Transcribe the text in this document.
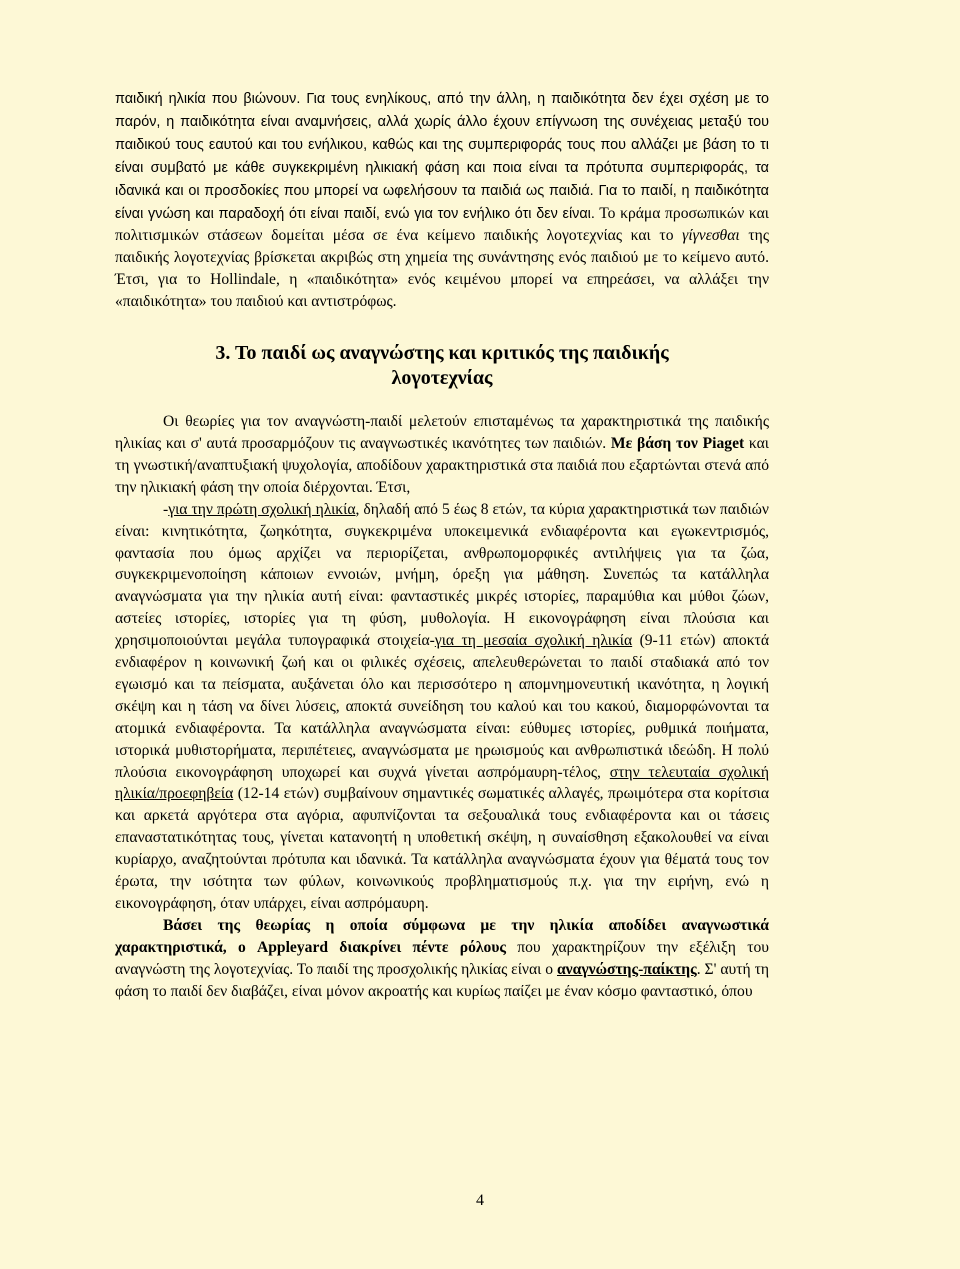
παιδική ηλικία που βιώνουν. Για τους ενηλίκους, από την άλλη, η παιδικότητα δεν έχει σχέση με το παρόν, η παιδικότητα είναι αναμνήσεις, αλλά χωρίς άλλο έχουν επίγνωση της συνέχειας μεταξύ του παιδικού τους εαυτού και του ενήλικου, καθώς και της συμπεριφοράς τους που αλλάζει με βάση το τι είναι συμβατό με κάθε συγκεκριμένη ηλικιακή φάση και ποια είναι τα πρότυπα συμπεριφοράς, τα ιδανικά και οι προσδοκίες που μπορεί να ωφελήσουν τα παιδιά ως παιδιά. Για το παιδί, η παιδικότητα είναι γνώση και παραδοχή ότι είναι παιδί, ενώ για τον ενήλικο ότι δεν είναι. Το κράμα προσωπικών και πολιτισμικών στάσεων δομείται μέσα σε ένα κείμενο παιδικής λογοτεχνίας και το γίγνεσθαι της παιδικής λογοτεχνίας βρίσκεται ακριβώς στη χημεία της συνάντησης ενός παιδιού με το κείμενο αυτό. Έτσι, για το Hollindale, η «παιδικότητα» ενός κειμένου μπορεί να επηρεάσει, να αλλάξει την «παιδικότητα» του παιδιού και αντιστρόφως.

3. Το παιδί ως αναγνώστης και κριτικός της παιδικής
λογοτεχνίας

Οι θεωρίες για τον αναγνώστη-παιδί μελετούν επισταμένως τα χαρακτηριστικά της παιδικής ηλικίας και σ' αυτά προσαρμόζουν τις αναγνωστικές ικανότητες των παιδιών. Με βάση τον Piaget και τη γνωστική/αναπτυξιακή ψυχολογία, αποδίδουν χαρακτηριστικά στα παιδιά που εξαρτώνται στενά από την ηλικιακή φάση την οποία διέρχονται. Έτσι,

-για την πρώτη σχολική ηλικία, δηλαδή από 5 έως 8 ετών, τα κύρια χαρακτηριστικά των παιδιών είναι: κινητικότητα, ζωηκότητα, συγκεκριμένα υποκειμενικά ενδιαφέροντα και εγωκεντρισμός, φαντασία που όμως αρχίζει να περιορίζεται, ανθρωπομορφικές αντιλήψεις για τα ζώα, συγκεκριμενοποίηση κάποιων εννοιών, μνήμη, όρεξη για μάθηση. Συνεπώς τα κατάλληλα αναγνώσματα για την ηλικία αυτή είναι: φανταστικές μικρές ιστορίες, παραμύθια και μύθοι ζώων, αστείες ιστορίες, ιστορίες για τη φύση, μυθολογία. Η εικονογράφηση είναι πλούσια και χρησιμοποιούνται μεγάλα τυπογραφικά στοιχεία-για τη μεσαία σχολική ηλικία (9-11 ετών) αποκτά ενδιαφέρον η κοινωνική ζωή και οι φιλικές σχέσεις, απελευθερώνεται το παιδί σταδιακά από τον εγωισμό και τα πείσματα, αυξάνεται όλο και περισσότερο η απομνημονευτική ικανότητα, η λογική σκέψη και η τάση να δίνει λύσεις, αποκτά συνείδηση του καλού και του κακού, διαμορφώνονται τα ατομικά ενδιαφέροντα. Τα κατάλληλα αναγνώσματα είναι: εύθυμες ιστορίες, ρυθμικά ποιήματα, ιστορικά μυθιστορήματα, περιπέτειες, αναγνώσματα με ηρωισμούς και ανθρωπιστικά ιδεώδη. Η πολύ πλούσια εικονογράφηση υποχωρεί και συχνά γίνεται ασπρόμαυρη-τέλος, στην τελευταία σχολική ηλικία/προεφηβεία (12-14 ετών) συμβαίνουν σημαντικές σωματικές αλλαγές, πρωιμότερα στα κορίτσια και αρκετά αργότερα στα αγόρια, αφυπνίζονται τα σεξουαλικά τους ενδιαφέροντα και οι τάσεις επαναστατικότητας τους, γίνεται κατανοητή η υποθετική σκέψη, η συναίσθηση εξακολουθεί να είναι κυρίαρχο, αναζητούνται πρότυπα και ιδανικά. Τα κατάλληλα αναγνώσματα έχουν για θέματά τους τον έρωτα, την ισότητα των φύλων, κοινωνικούς προβληματισμούς π.χ. για την ειρήνη, ενώ η εικονογράφηση, όταν υπάρχει, είναι ασπρόμαυρη.

Βάσει της θεωρίας η οποία σύμφωνα με την ηλικία αποδίδει αναγνωστικά χαρακτηριστικά, ο Appleyard διακρίνει πέντε ρόλους που χαρακτηρίζουν την εξέλιξη του αναγνώστη της λογοτεχνίας. Το παιδί της προσχολικής ηλικίας είναι ο αναγνώστης-παίκτης. Σ' αυτή τη φάση το παιδί δεν διαβάζει, είναι μόνον ακροατής και κυρίως παίζει με έναν κόσμο φανταστικό, όπου

4
